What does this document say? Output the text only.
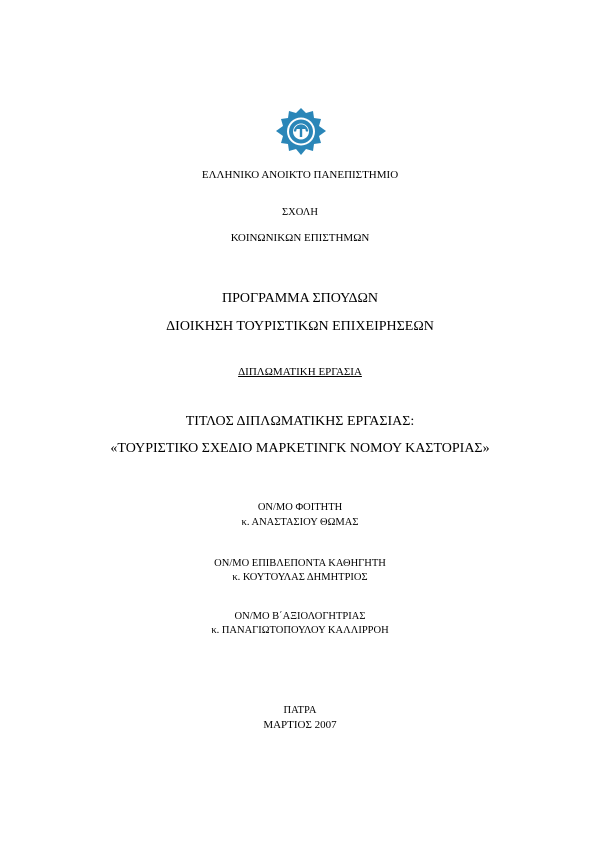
ΕΛΛΗΝΙΚΟ ΑΝΟΙΚΤΟ ΠΑΝΕΠΙΣΤΗΜΙΟ
ΣΧΟΛΗ
ΚΟΙΝΩΝΙΚΩΝ ΕΠΙΣΤΗΜΩΝ
ΠΡΟΓΡΑΜΜΑ ΣΠΟΥΔΩΝ
ΔΙΟΙΚΗΣΗ ΤΟΥΡΙΣΤΙΚΩΝ ΕΠΙΧΕΙΡΗΣΕΩΝ
ΔΙΠΛΩΜΑΤΙΚΗ ΕΡΓΑΣΙΑ
ΤΙΤΛΟΣ ΔΙΠΛΩΜΑΤΙΚΗΣ ΕΡΓΑΣΙΑΣ:
«ΤΟΥΡΙΣΤΙΚΟ ΣΧΕΔΙΟ ΜΑΡΚΕΤΙΝΓΚ ΝΟΜΟΥ ΚΑΣΤΟΡΙΑΣ»
ΟΝ/ΜΟ ΦΟΙΤΗΤΗ
κ. ΑΝΑΣΤΑΣΙΟΥ ΘΩΜΑΣ
ΟΝ/ΜΟ ΕΠΙΒΛΕΠΟΝΤΑ ΚΑΘΗΓΗΤΗ
κ. ΚΟΥΤΟΥΛΑΣ ΔΗΜΗΤΡΙΟΣ
ΟΝ/ΜΟ Β΄ΑΞΙΟΛΟΓΗΤΡΙΑΣ
κ. ΠΑΝΑΓΙΩΤΟΠΟΥΛΟΥ ΚΑΛΛΙΡΡΟΗ
ΠΑΤΡΑ
ΜΑΡΤΙΟΣ 2007
